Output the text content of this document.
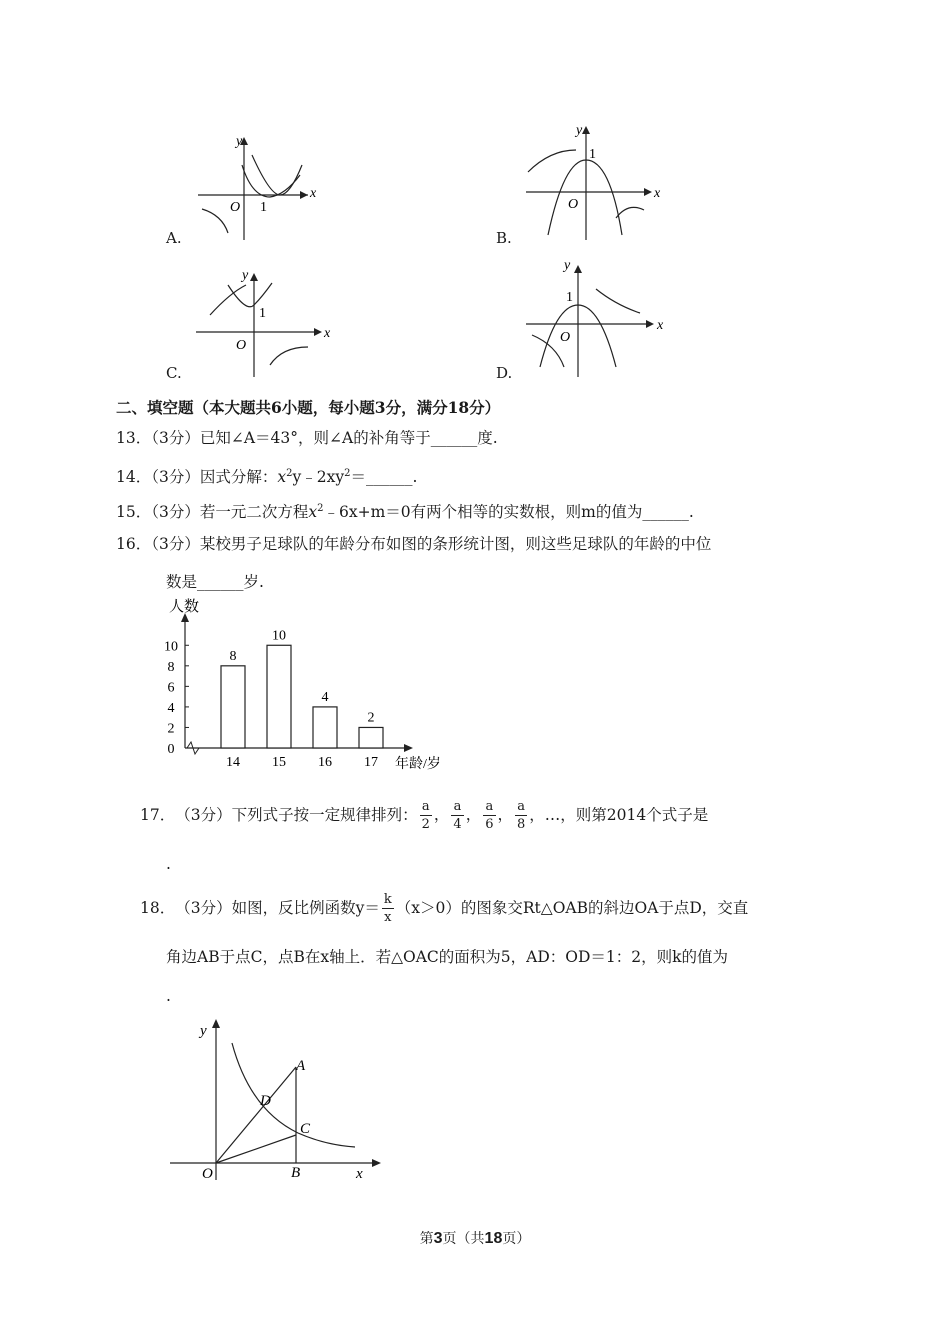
y
x
O 1
A.
y
x
O
1
B.
y
x
O
1
C.
y
x
O
1
D.
二、填空题（本大题共6小题，每小题3分，满分18分）
13．（3分）已知∠A＝43°，则∠A的补角等于______度.
14．（3分）因式分解：$x^2y﹣2xy^2=\_\_\_\_\_\_$.
15．（3分）若一元二次方程$x^2﹣6x+m=0$有两个相等的实数根，则m的值为______.
16．（3分）某校男子足球队的年龄分布如图的条形统计图，则这些足球队的年龄的中位
数是______岁.
0
2
4
6
8
10
人数
年龄/岁
8
14
10
15
4
16
2
17
17． （3分） 下列式子按一定规律排列： $\frac{a}{2}$ ， $\frac{a}{4}$ ， $\frac{a}{6}$ ， $\frac{a}{8}$ ，…，则第2014个式子是
.
18． （3分） 如图，反比例函数$y= \frac{k}{x} (x>0)$的图象交Rt△OAB的斜边OA于点D，交直
角边AB于点C，点B在x轴上．若△OAC的面积为5，AD：OD＝1：2，则k的值为
.
y
x
O
A
B
C
D
第3页（共18页）
